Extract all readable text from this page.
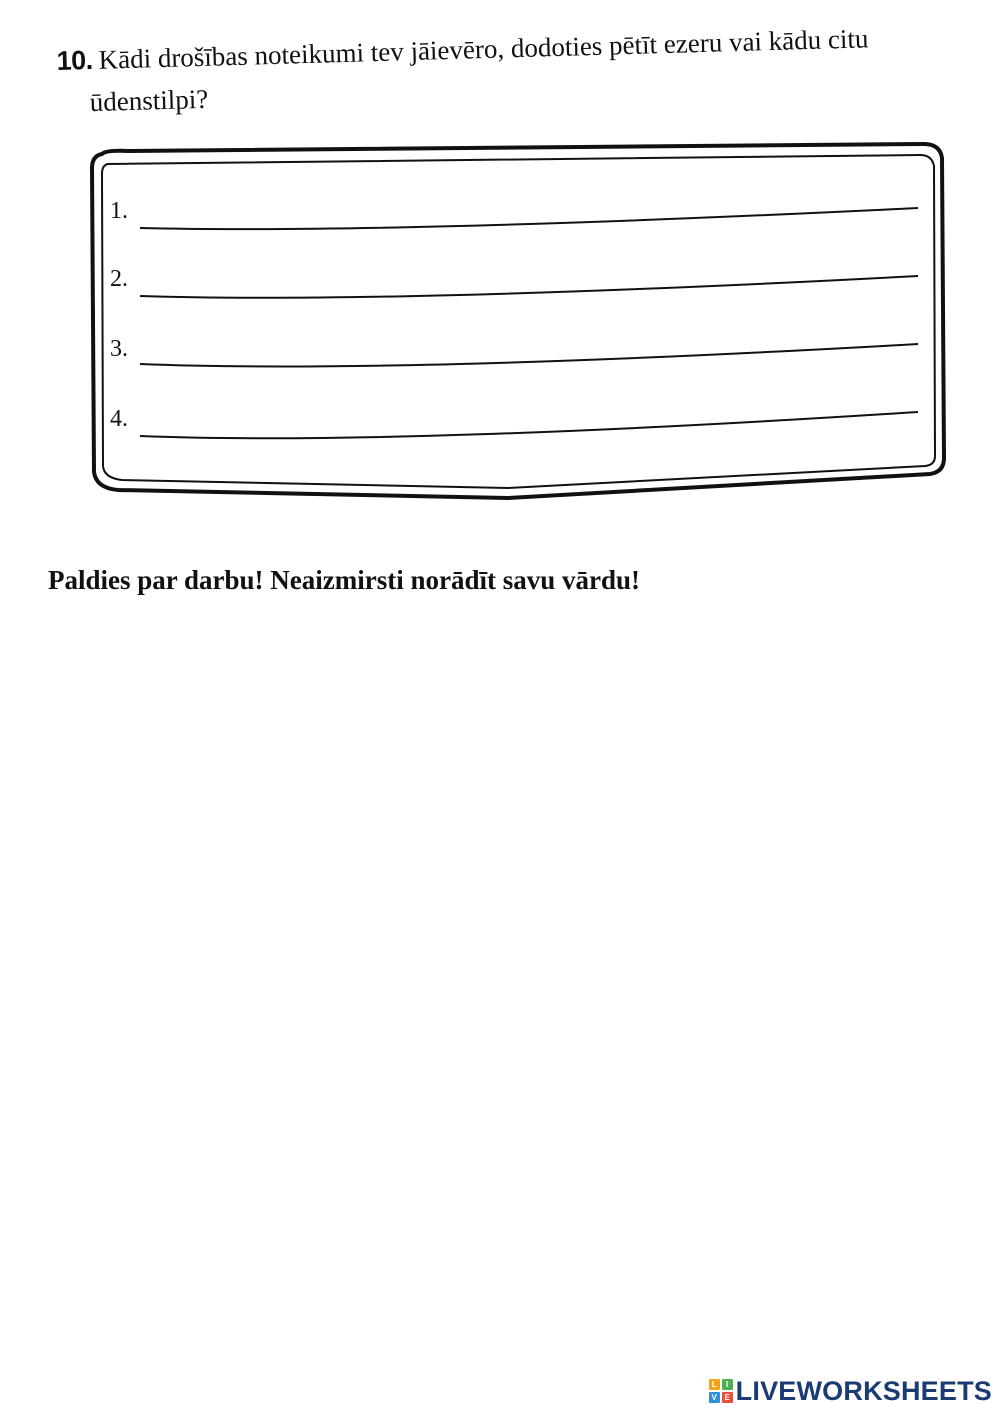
10. Kādi drošības noteikumi tev jāievēro, dodoties pētīt ezeru vai kādu citu
ūdenstilpi?
1.
2.
3.
4.
Paldies par darbu! Neaizmirsti norādīt savu vārdu!
L	I
V E LIVEWORKSHEETS
